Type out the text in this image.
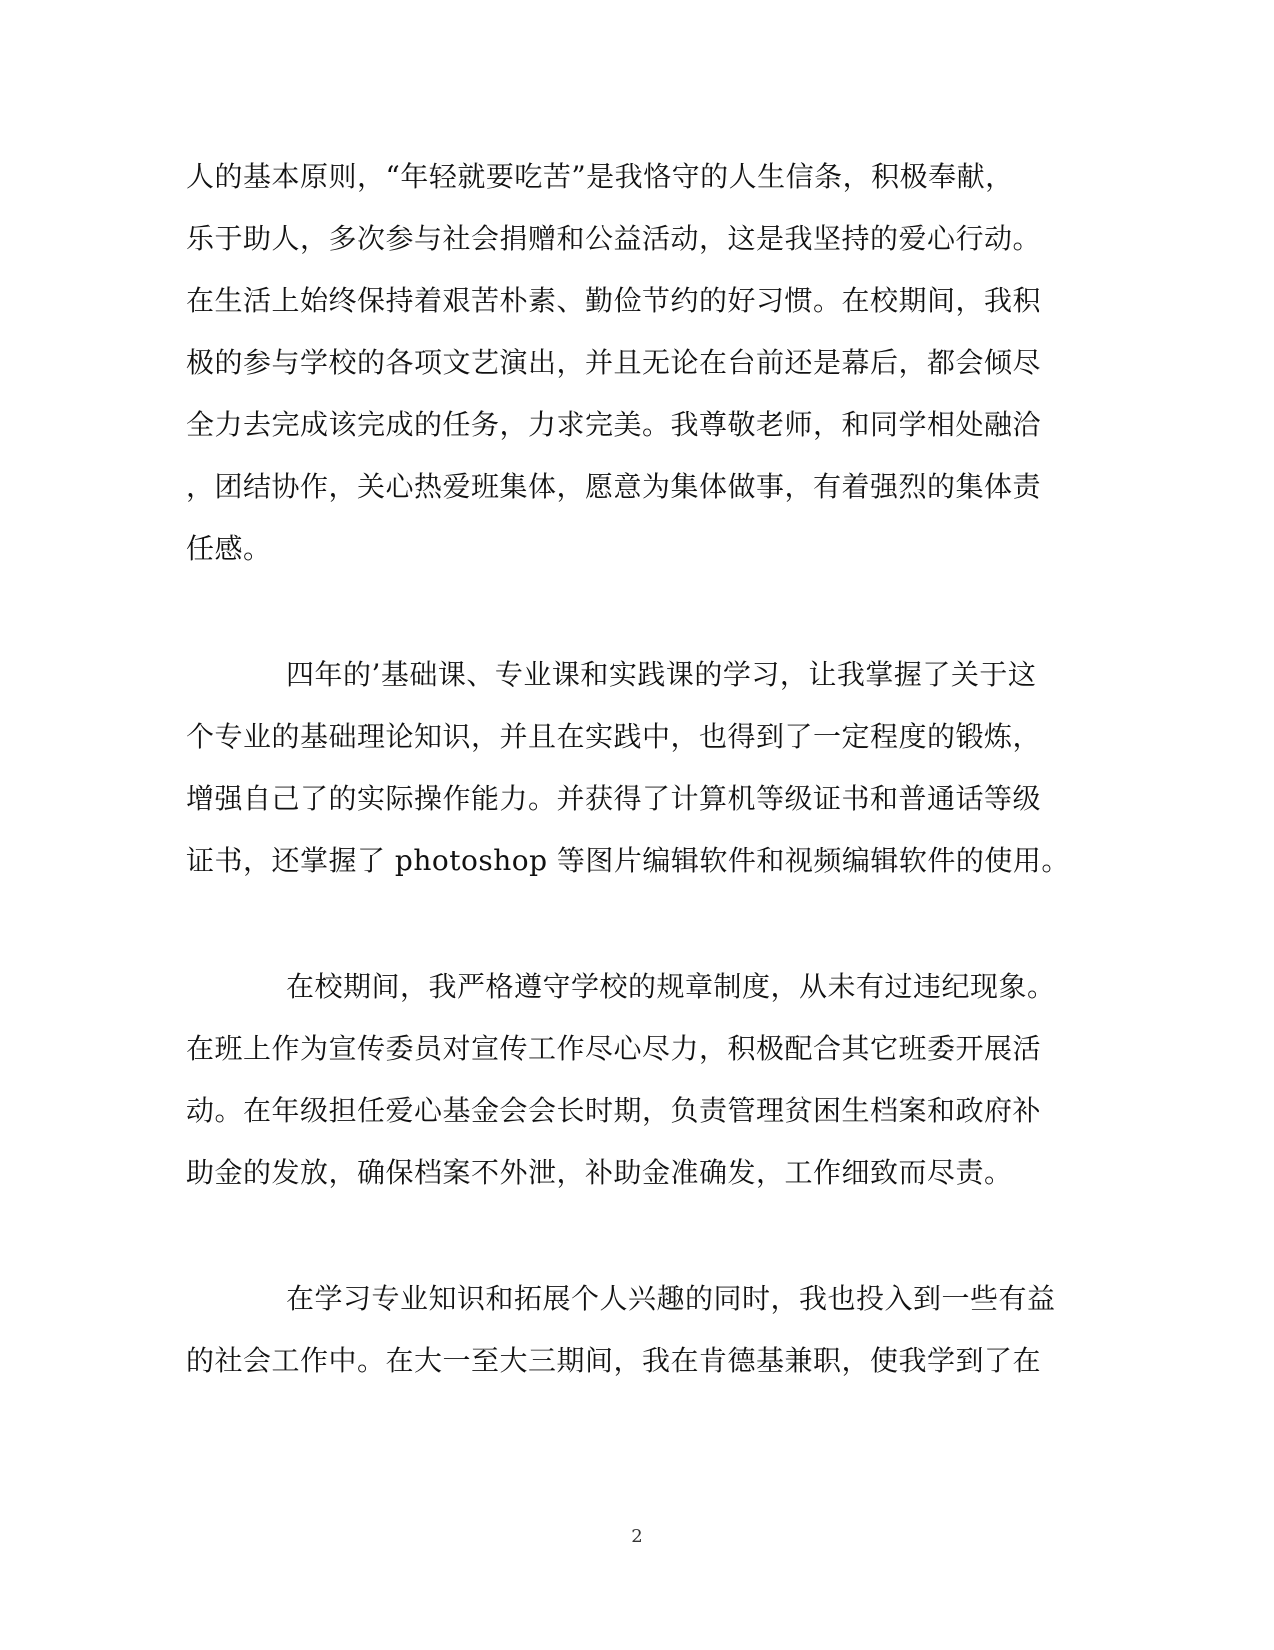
人的基本原则，“年轻就要吃苦”是我恪守的人生信条，积极奉献，
乐于助人，多次参与社会捐赠和公益活动，这是我坚持的爱心行动。
在生活上始终保持着艰苦朴素、勤俭节约的好习惯。在校期间，我积
极的参与学校的各项文艺演出，并且无论在台前还是幕后，都会倾尽
全力去完成该完成的任务，力求完美。我尊敬老师，和同学相处融洽
，团结协作，关心热爱班集体，愿意为集体做事，有着强烈的集体责
任感。
四年的’基础课、专业课和实践课的学习，让我掌握了关于这
个专业的基础理论知识，并且在实践中，也得到了一定程度的锻炼，
增强自己了的实际操作能力。并获得了计算机等级证书和普通话等级
证书，还掌握了 photoshop 等图片编辑软件和视频编辑软件的使用。
在校期间，我严格遵守学校的规章制度，从未有过违纪现象。
在班上作为宣传委员对宣传工作尽心尽力，积极配合其它班委开展活
动。在年级担任爱心基金会会长时期，负责管理贫困生档案和政府补
助金的发放，确保档案不外泄，补助金准确发，工作细致而尽责。
在学习专业知识和拓展个人兴趣的同时，我也投入到一些有益
的社会工作中。在大一至大三期间，我在肯德基兼职，使我学到了在
2
